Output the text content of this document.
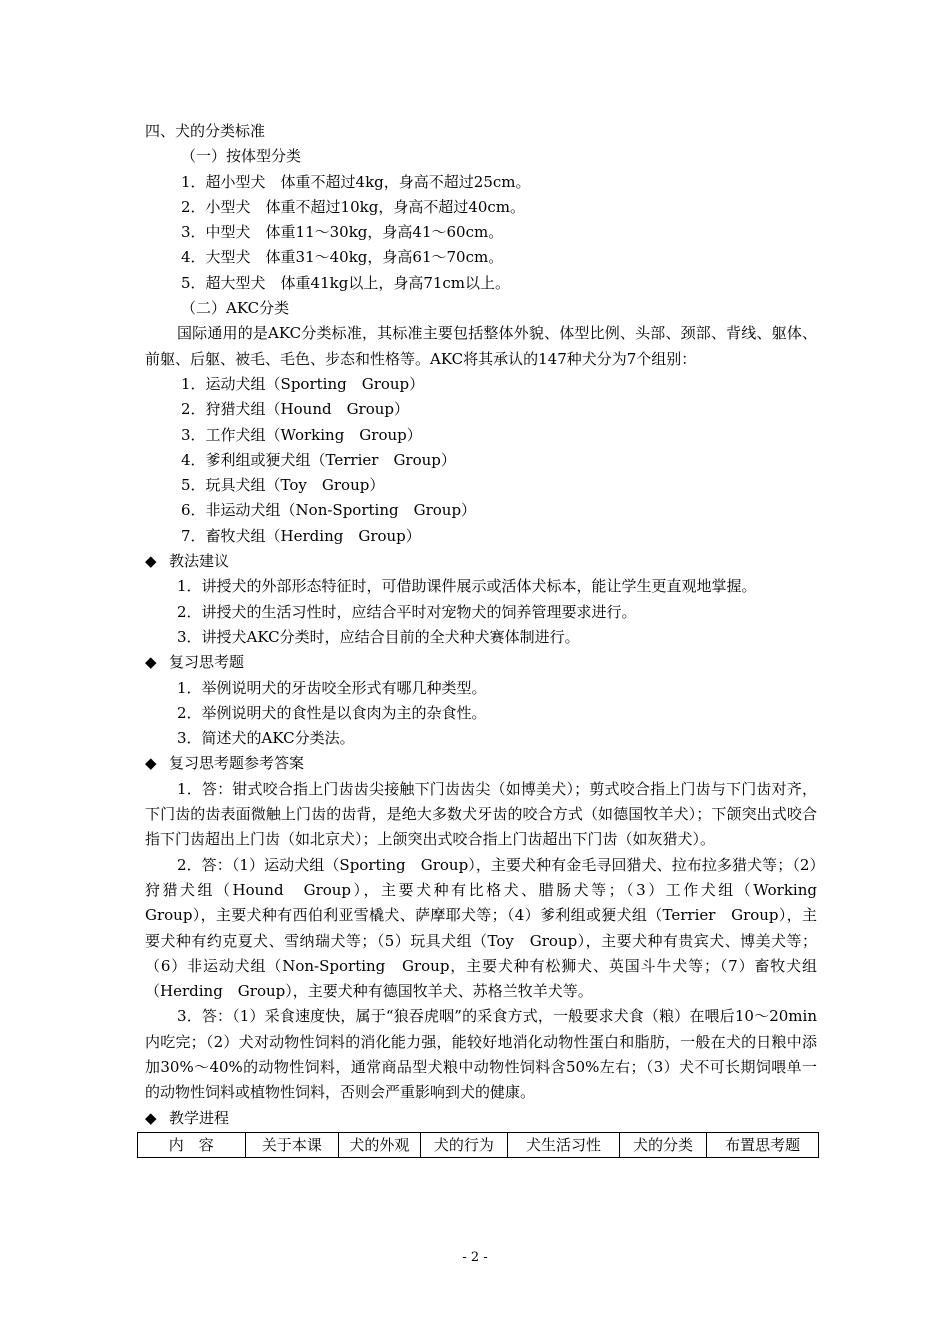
四、犬的分类标准
（一）按体型分类
1．超小型犬　体重不超过4kg，身高不超过25cm。
2．小型犬　体重不超过10kg，身高不超过40cm。
3．中型犬　体重11～30kg，身高41～60cm。
4．大型犬　体重31～40kg，身高61～70cm。
5．超大型犬　体重41kg以上，身高71cm以上。
（二）AKC分类
国际通用的是AKC分类标准，其标准主要包括整体外貌、体型比例、头部、颈部、背线、躯体、前躯、后躯、被毛、毛色、步态和性格等。AKC将其承认的147种犬分为7个组别：
1．运动犬组（Sporting　Group）
2．狩猎犬组（Hound　Group）
3．工作犬组（Working　Group）
4．爹利组或㹴犬组（Terrier　Group）
5．玩具犬组（Toy　Group）
6．非运动犬组（Non-Sporting　Group）
7．畜牧犬组（Herding　Group）
◆ 教法建议
1．讲授犬的外部形态特征时，可借助课件展示或活体犬标本，能让学生更直观地掌握。
2．讲授犬的生活习性时，应结合平时对宠物犬的饲养管理要求进行。
3．讲授犬AKC分类时，应结合目前的全犬种犬赛体制进行。
◆ 复习思考题
1．举例说明犬的牙齿咬全形式有哪几种类型。
2．举例说明犬的食性是以食肉为主的杂食性。
3．简述犬的AKC分类法。
◆ 复习思考题参考答案
1．答：钳式咬合指上门齿齿尖接触下门齿齿尖（如博美犬）；剪式咬合指上门齿与下门齿对齐，下门齿的齿表面微触上门齿的齿背，是绝大多数犬牙齿的咬合方式（如德国牧羊犬）；下颌突出式咬合指下门齿超出上门齿（如北京犬）；上颌突出式咬合指上门齿超出下门齿（如灰猎犬）。
2．答：（1）运动犬组（Sporting　Group），主要犬种有金毛寻回猎犬、拉布拉多猎犬等；（2）狩猎犬组（Hound　Group），主要犬种有比格犬、腊肠犬等；（3）工作犬组（Working　Group），主要犬种有西伯利亚雪橇犬、萨摩耶犬等；（4）爹利组或㹴犬组（Terrier　Group），主要犬种有约克夏犬、雪纳瑞犬等；（5）玩具犬组（Toy　Group），主要犬种有贵宾犬、博美犬等；（6）非运动犬组（Non-Sporting　Group，主要犬种有松狮犬、英国斗牛犬等；（7）畜牧犬组（Herding　Group），主要犬种有德国牧羊犬、苏格兰牧羊犬等。
3．答：（1）采食速度快，属于“狼吞虎咽”的采食方式，一般要求犬食（粮）在喂后10～20min内吃完；（2）犬对动物性饲料的消化能力强，能较好地消化动物性蛋白和脂肪，一般在犬的日粮中添加30%～40%的动物性饲料，通常商品型犬粮中动物性饲料含50%左右；（3）犬不可长期饲喂单一的动物性饲料或植物性饲料，否则会严重影响到犬的健康。
◆ 教学进程
内　容	关于本课	犬的外观	犬的行为	犬生活习性	犬的分类	布置思考题
- 2 -
